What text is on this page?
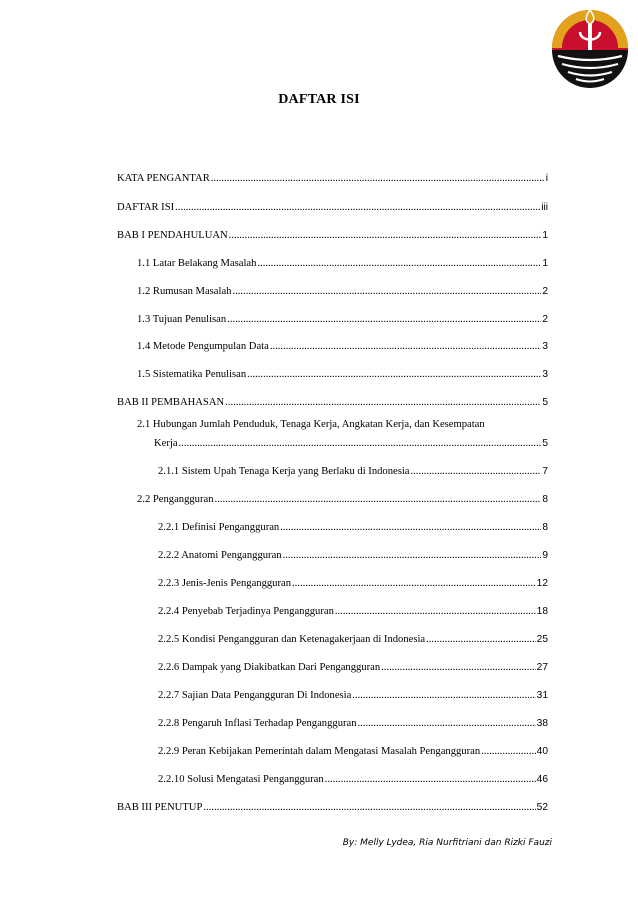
DAFTAR ISI
KATA PENGANTAR .....	i
DAFTAR ISI .....	iii
BAB I PENDAHULUAN .....	1
1.1 Latar Belakang Masalah .....	1
1.2 Rumusan Masalah .....	2
1.3 Tujuan Penulisan .....	2
1.4 Metode Pengumpulan Data .....	3
1.5 Sistematika Penulisan .....	3
BAB II PEMBAHASAN .....	5
2.1 Hubungan Jumlah Penduduk, Tenaga Kerja, Angkatan Kerja, dan Kesempatan
Kerja .....	5
2.1.1 Sistem Upah Tenaga Kerja yang Berlaku di Indonesia .....	7
2.2 Pengangguran .....	8
2.2.1 Definisi Pengangguran .....	8
2.2.2 Anatomi Pengangguran .....	9
2.2.3 Jenis-Jenis Pengangguran .....	12
2.2.4 Penyebab Terjadinya Pengangguran .....	18
2.2.5 Kondisi Pengangguran dan Ketenagakerjaan di Indonesia .....	25
2.2.6 Dampak yang Diakibatkan Dari Pengangguran .....	27
2.2.7 Sajian Data Pengangguran Di Indonesia .....	31
2.2.8 Pengaruh Inflasi Terhadap Pengangguran .....	38
2.2.9 Peran Kebijakan Pemerintah dalam Mengatasi Masalah Pengangguran .....	40
2.2.10 Solusi Mengatasi Pengangguran .....	46
BAB III PENUTUP .....	52
By: Melly Lydea, Ria Nurfitriani dan Rizki Fauzi
